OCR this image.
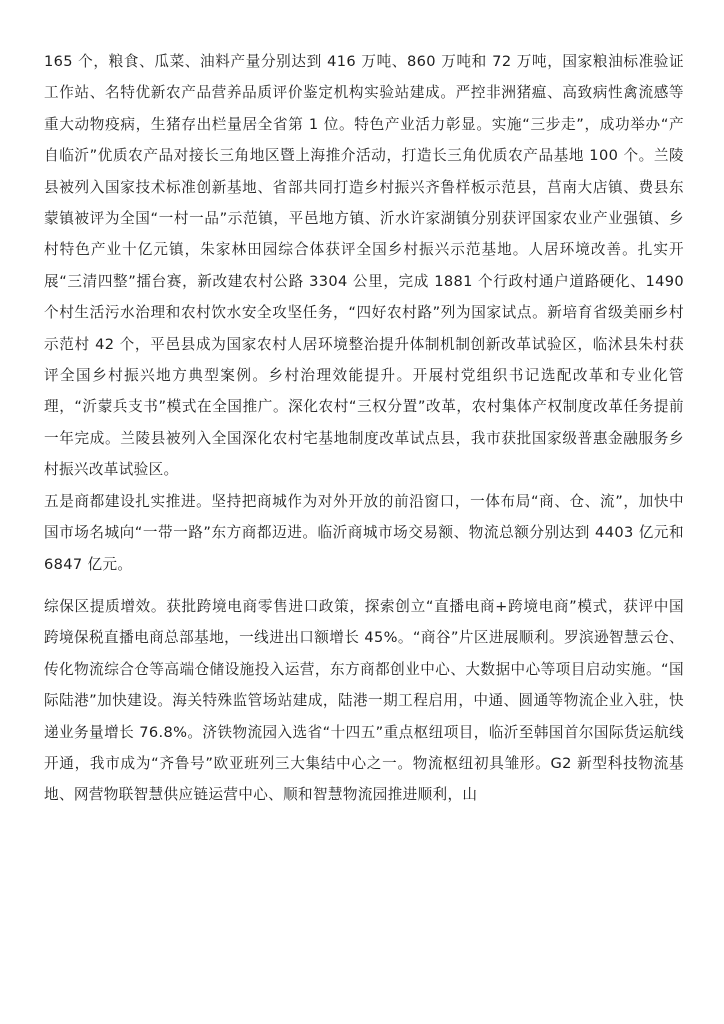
165 个，粮食、瓜菜、油料产量分别达到 416 万吨、860 万吨和 72 万吨，国家粮油标准验证工作站、名特优新农产品营养品质评价鉴定机构实验站建成。严控非洲猪瘟、高致病性禽流感等重大动物疫病，生猪存出栏量居全省第 1 位。特色产业活力彰显。实施“三步走”，成功举办“产自临沂”优质农产品对接长三角地区暨上海推介活动，打造长三角优质农产品基地 100 个。兰陵县被列入国家技术标准创新基地、省部共同打造乡村振兴齐鲁样板示范县，莒南大店镇、费县东蒙镇被评为全国“一村一品”示范镇，平邑地方镇、沂水许家湖镇分别获评国家农业产业强镇、乡村特色产业十亿元镇，朱家林田园综合体获评全国乡村振兴示范基地。人居环境改善。扎实开展“三清四整”擂台赛，新改建农村公路 3304 公里，完成 1881 个行政村通户道路硬化、1490 个村生活污水治理和农村饮水安全攻坚任务，“四好农村路”列为国家试点。新培育省级美丽乡村示范村 42 个，平邑县成为国家农村人居环境整治提升体制机制创新改革试验区，临沭县朱村获评全国乡村振兴地方典型案例。乡村治理效能提升。开展村党组织书记选配改革和专业化管理，“沂蒙兵支书”模式在全国推广。深化农村“三权分置”改革，农村集体产权制度改革任务提前一年完成。兰陵县被列入全国深化农村宅基地制度改革试点县，我市获批国家级普惠金融服务乡村振兴改革试验区。

五是商都建设扎实推进。坚持把商城作为对外开放的前沿窗口，一体布局“商、仓、流”，加快中国市场名城向“一带一路”东方商都迈进。临沂商城市场交易额、物流总额分别达到 4403 亿元和 6847 亿元。

综保区提质增效。获批跨境电商零售进口政策，探索创立“直播电商+跨境电商”模式，获评中国跨境保税直播电商总部基地，一线进出口额增长 45%。“商谷”片区进展顺利。罗滨逊智慧云仓、传化物流综合仓等高端仓储设施投入运营，东方商都创业中心、大数据中心等项目启动实施。“国际陆港”加快建设。海关特殊监管场站建成，陆港一期工程启用，中通、圆通等物流企业入驻，快递业务量增长 76.8%。济铁物流园入选省“十四五”重点枢纽项目，临沂至韩国首尔国际货运航线开通，我市成为“齐鲁号”欧亚班列三大集结中心之一。物流枢纽初具雏形。G2 新型科技物流基地、网营物联智慧供应链运营中心、顺和智慧物流园推进顺利，山
